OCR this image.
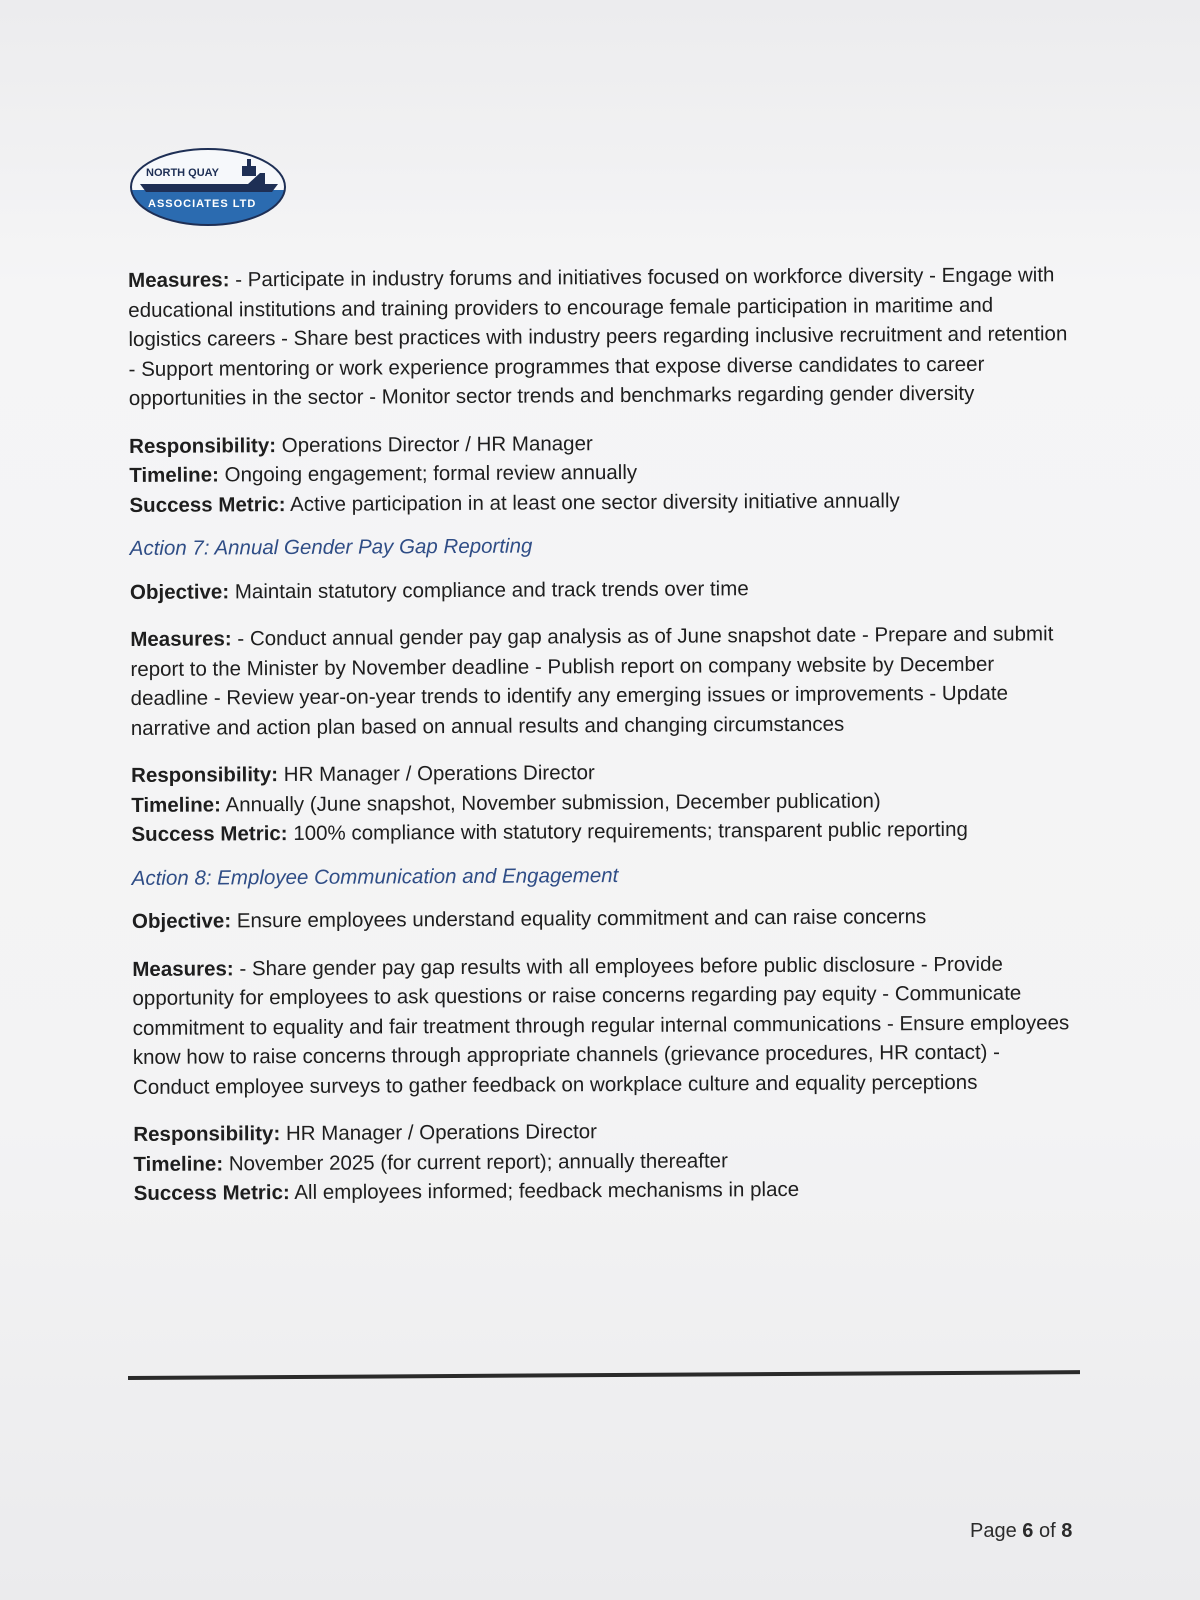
NORTH QUAY
ASSOCIATES LTD

Measures: - Participate in industry forums and initiatives focused on workforce diversity - Engage with educational institutions and training providers to encourage female participation in maritime and logistics careers - Share best practices with industry peers regarding inclusive recruitment and retention - Support mentoring or work experience programmes that expose diverse candidates to career opportunities in the sector - Monitor sector trends and benchmarks regarding gender diversity

Responsibility: Operations Director / HR Manager

Timeline: Ongoing engagement; formal review annually

Success Metric: Active participation in at least one sector diversity initiative annually

Action 7: Annual Gender Pay Gap Reporting

Objective: Maintain statutory compliance and track trends over time

Measures: - Conduct annual gender pay gap analysis as of June snapshot date - Prepare and submit report to the Minister by November deadline - Publish report on company website by December deadline - Review year-on-year trends to identify any emerging issues or improvements - Update narrative and action plan based on annual results and changing circumstances

Responsibility: HR Manager / Operations Director

Timeline: Annually (June snapshot, November submission, December publication)

Success Metric: 100% compliance with statutory requirements; transparent public reporting

Action 8: Employee Communication and Engagement

Objective: Ensure employees understand equality commitment and can raise concerns

Measures: - Share gender pay gap results with all employees before public disclosure - Provide opportunity for employees to ask questions or raise concerns regarding pay equity - Communicate commitment to equality and fair treatment through regular internal communications - Ensure employees know how to raise concerns through appropriate channels (grievance procedures, HR contact) - Conduct employee surveys to gather feedback on workplace culture and equality perceptions

Responsibility: HR Manager / Operations Director

Timeline: November 2025 (for current report); annually thereafter

Success Metric: All employees informed; feedback mechanisms in place

Page 6 of 8
